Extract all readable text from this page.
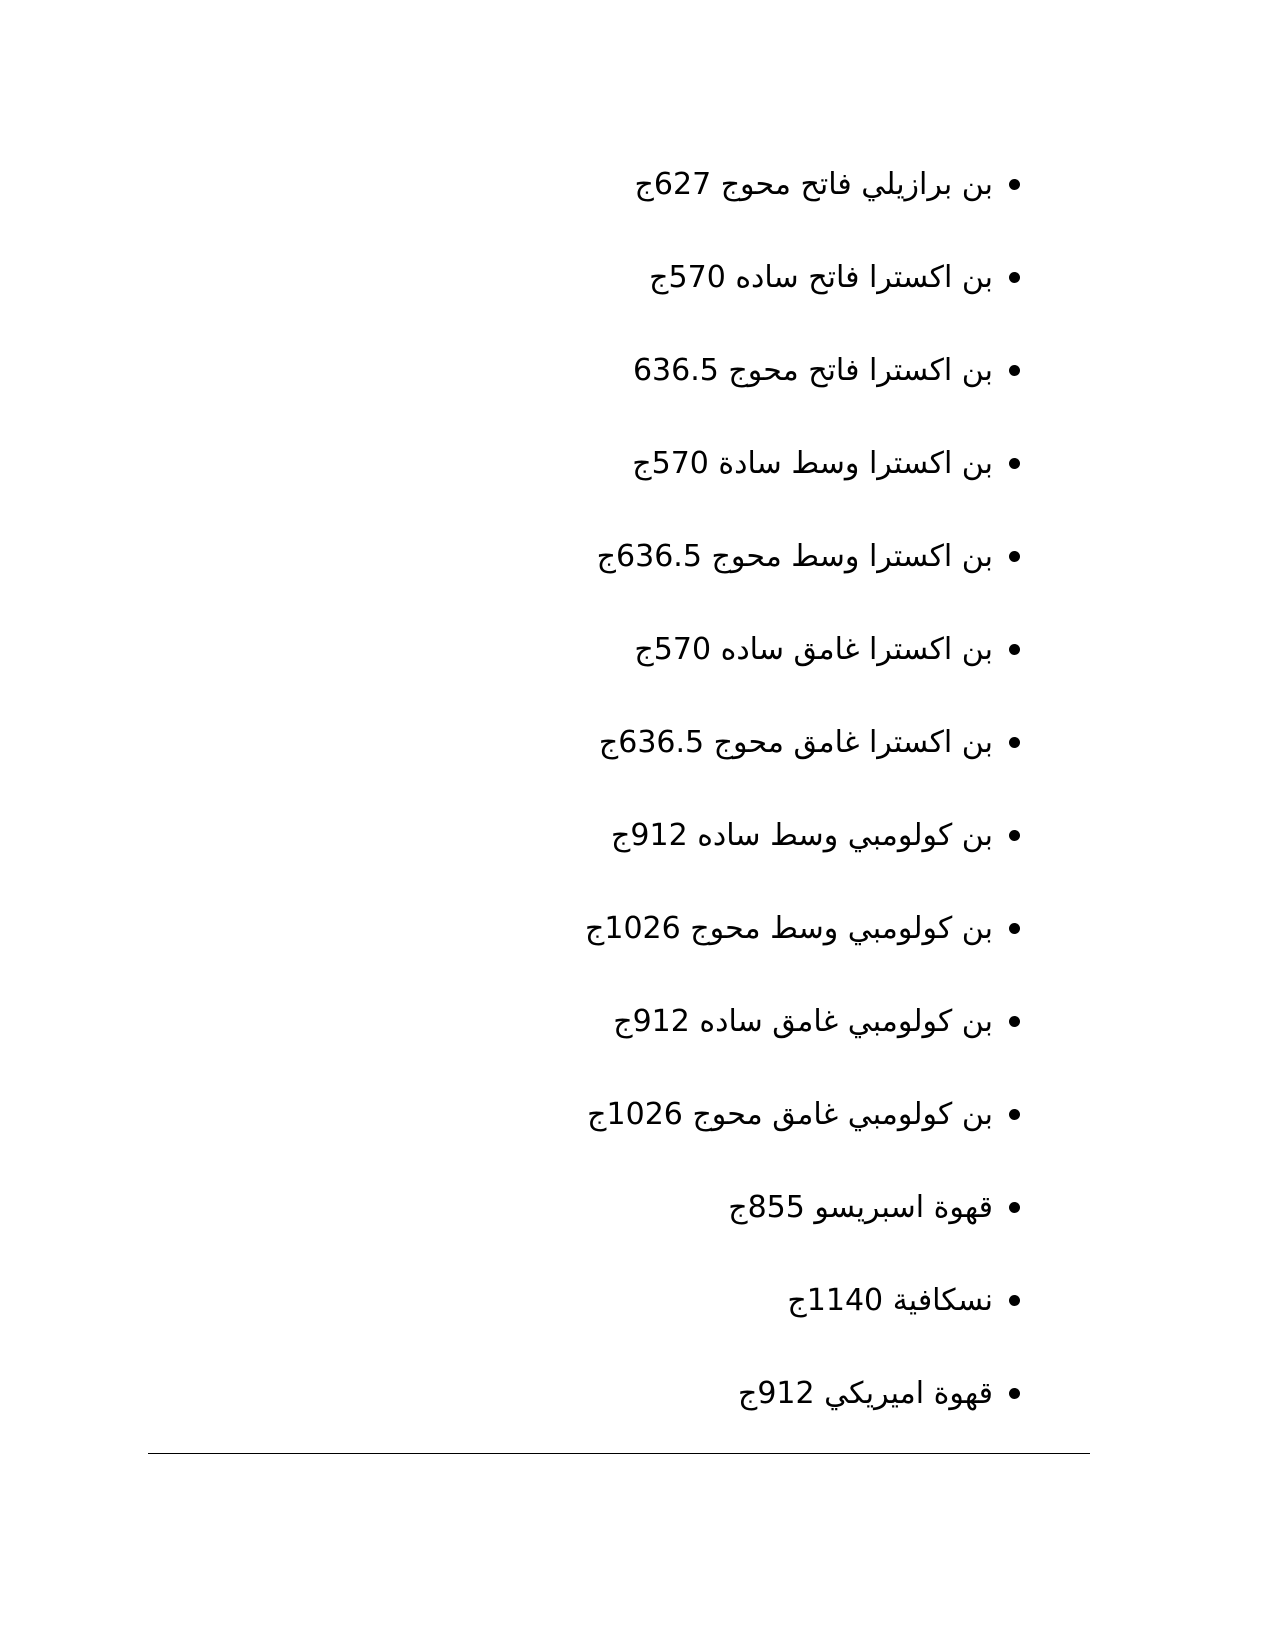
بن برازيلي فاتح محوج 627ج
بن اكسترا فاتح ساده 570ج
بن اكسترا فاتح محوج 636.5
بن اكسترا وسط سادة 570ج
بن اكسترا وسط محوج 636.5ج
بن اكسترا غامق ساده 570ج
بن اكسترا غامق محوج 636.5ج
بن كولومبي وسط ساده 912ج
بن كولومبي وسط محوج 1026ج
بن كولومبي غامق ساده 912ج
بن كولومبي غامق محوج 1026ج
قهوة اسبريسو 855ج
نسكافية 1140ج
قهوة اميريكي 912ج
